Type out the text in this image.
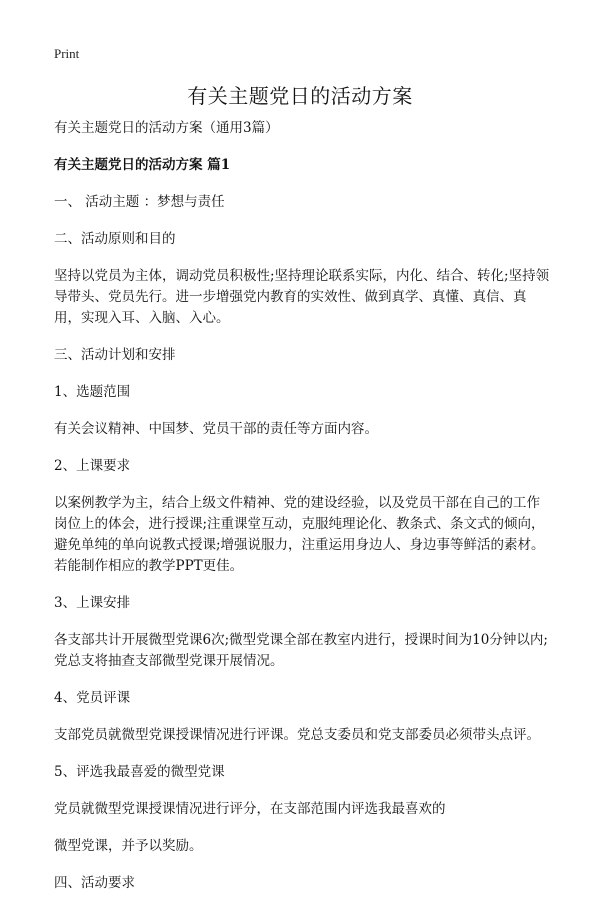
Print
有关主题党日的活动方案

有关主题党日的活动方案（通用3篇）

有关主题党日的活动方案 篇1

一、 活动主题 ：梦想与责任

二、活动原则和目的

坚持以党员为主体，调动党员积极性;坚持理论联系实际，内化、结合、转化;坚持领导带头、党员先行。进一步增强党内教育的实效性、做到真学、真懂、真信、真用，实现入耳、入脑、入心。

三、活动计划和安排

1、选题范围

有关会议精神、中国梦、党员干部的责任等方面内容。

2、上课要求

以案例教学为主，结合上级文件精神、党的建设经验，以及党员干部在自己的工作岗位上的体会，进行授课;注重课堂互动，克服纯理论化、教条式、条文式的倾向，避免单纯的单向说教式授课;增强说服力，注重运用身边人、身边事等鲜活的素材。若能制作相应的教学PPT更佳。

3、上课安排

各支部共计开展微型党课6次;微型党课全部在教室内进行，授课时间为10分钟以内;党总支将抽查支部微型党课开展情况。

4、党员评课

支部党员就微型党课授课情况进行评课。党总支委员和党支部委员必须带头点评。

5、评选我最喜爱的微型党课

党员就微型党课授课情况进行评分，在支部范围内评选我最喜欢的

微型党课，并予以奖励。

四、活动要求
